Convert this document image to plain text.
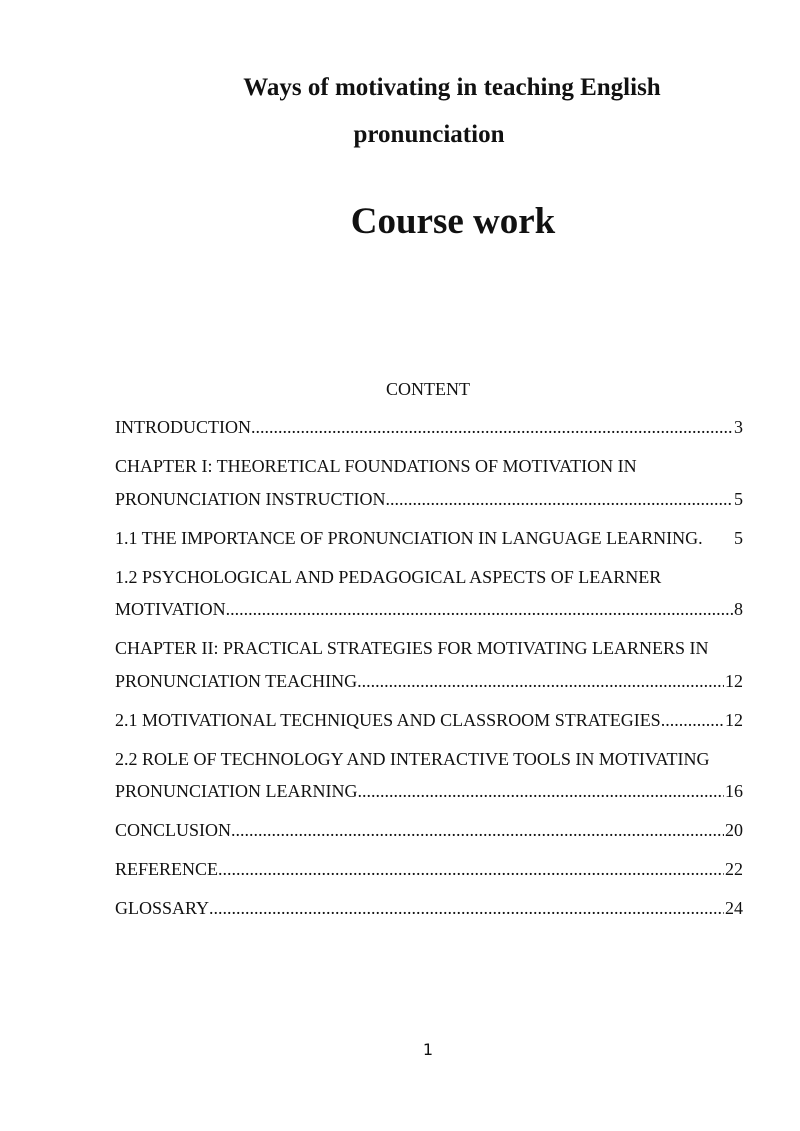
Ways of motivating in teaching English
pronunciation
Course work

CONTENT

INTRODUCTION .....	3
CHAPTER I: THEORETICAL FOUNDATIONS OF MOTIVATION IN
PRONUNCIATION INSTRUCTION .....	5
1.1 THE IMPORTANCE OF PRONUNCIATION IN LANGUAGE LEARNING. 5
1.2 PSYCHOLOGICAL AND PEDAGOGICAL ASPECTS OF LEARNER
MOTIVATION .....	8
CHAPTER II: PRACTICAL STRATEGIES FOR MOTIVATING LEARNERS IN
PRONUNCIATION TEACHING .....	12
2.1 MOTIVATIONAL TECHNIQUES AND CLASSROOM STRATEGIES .....	12
2.2 ROLE OF TECHNOLOGY AND INTERACTIVE TOOLS IN MOTIVATING
PRONUNCIATION LEARNING .....	16
CONCLUSION .....	20
REFERENCE .....	22
GLOSSARY .....	24

1
